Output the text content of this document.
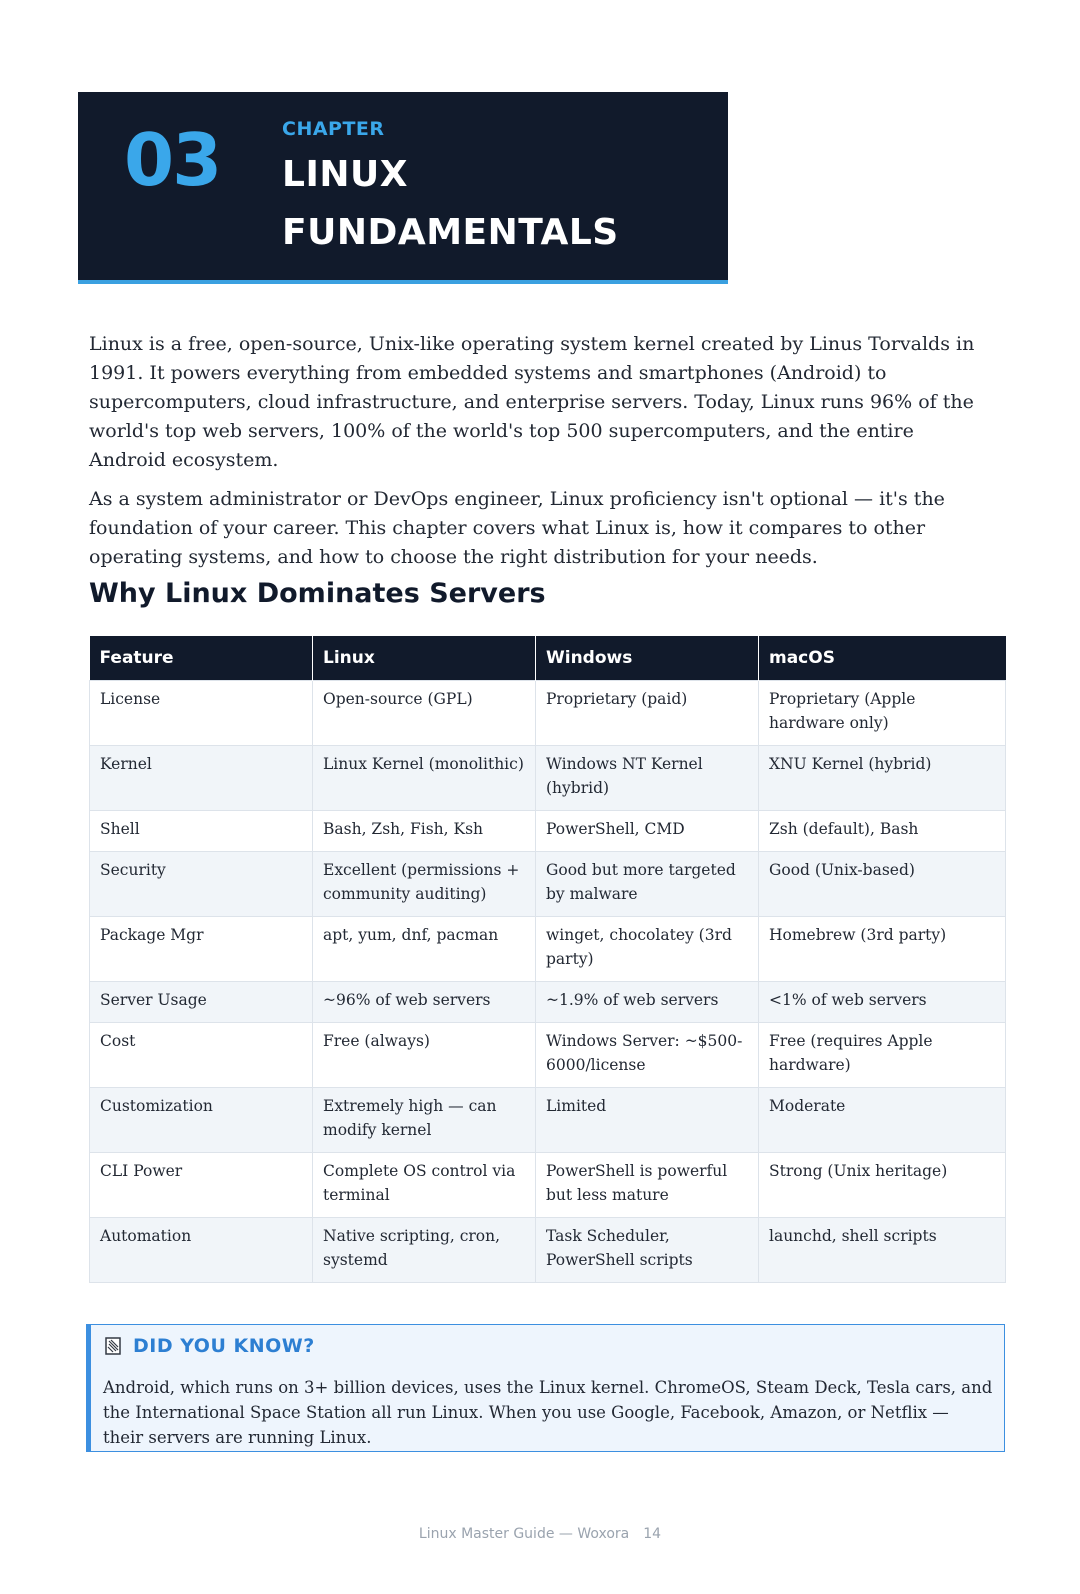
03	CHAPTER
LINUX FUNDAMENTALS

Linux is a free, open-source, Unix-like operating system kernel created by Linus Torvalds in 1991. It powers everything from embedded systems and smartphones (Android) to supercomputers, cloud infrastructure, and enterprise servers. Today, Linux runs 96% of the world's top web servers, 100% of the world's top 500 supercomputers, and the entire Android ecosystem.

As a system administrator or DevOps engineer, Linux proficiency isn't optional — it's the foundation of your career. This chapter covers what Linux is, how it compares to other operating systems, and how to choose the right distribution for your needs.

Why Linux Dominates Servers
Feature	Linux	Windows	macOS
License	Open-source (GPL)	Proprietary (paid)	Proprietary (Apple hardware only)
Kernel	Linux Kernel (monolithic)	Windows NT Kernel (hybrid)	XNU Kernel (hybrid)
Shell	Bash, Zsh, Fish, Ksh	PowerShell, CMD	Zsh (default), Bash
Security	Excellent (permissions + community auditing)	Good but more targeted by malware	Good (Unix-based)
Package Mgr	apt, yum, dnf, pacman	winget, chocolatey (3rd party)	Homebrew (3rd party)
Server Usage	~96% of web servers	~1.9% of web servers	<1% of web servers
Cost	Free (always)	Windows Server: ~$500-6000/license	Free (requires Apple hardware)
Customization	Extremely high — can modify kernel	Limited	Moderate
CLI Power	Complete OS control via terminal	PowerShell is powerful but less mature	Strong (Unix heritage)
Automation	Native scripting, cron, systemd	Task Scheduler, PowerShell scripts	launchd, shell scripts
DID YOU KNOW?

Android, which runs on 3+ billion devices, uses the Linux kernel. ChromeOS, Steam Deck, Tesla cars, and the International Space Station all run Linux. When you use Google, Facebook, Amazon, or Netflix — their servers are running Linux.

Linux Master Guide — Woxora 14
